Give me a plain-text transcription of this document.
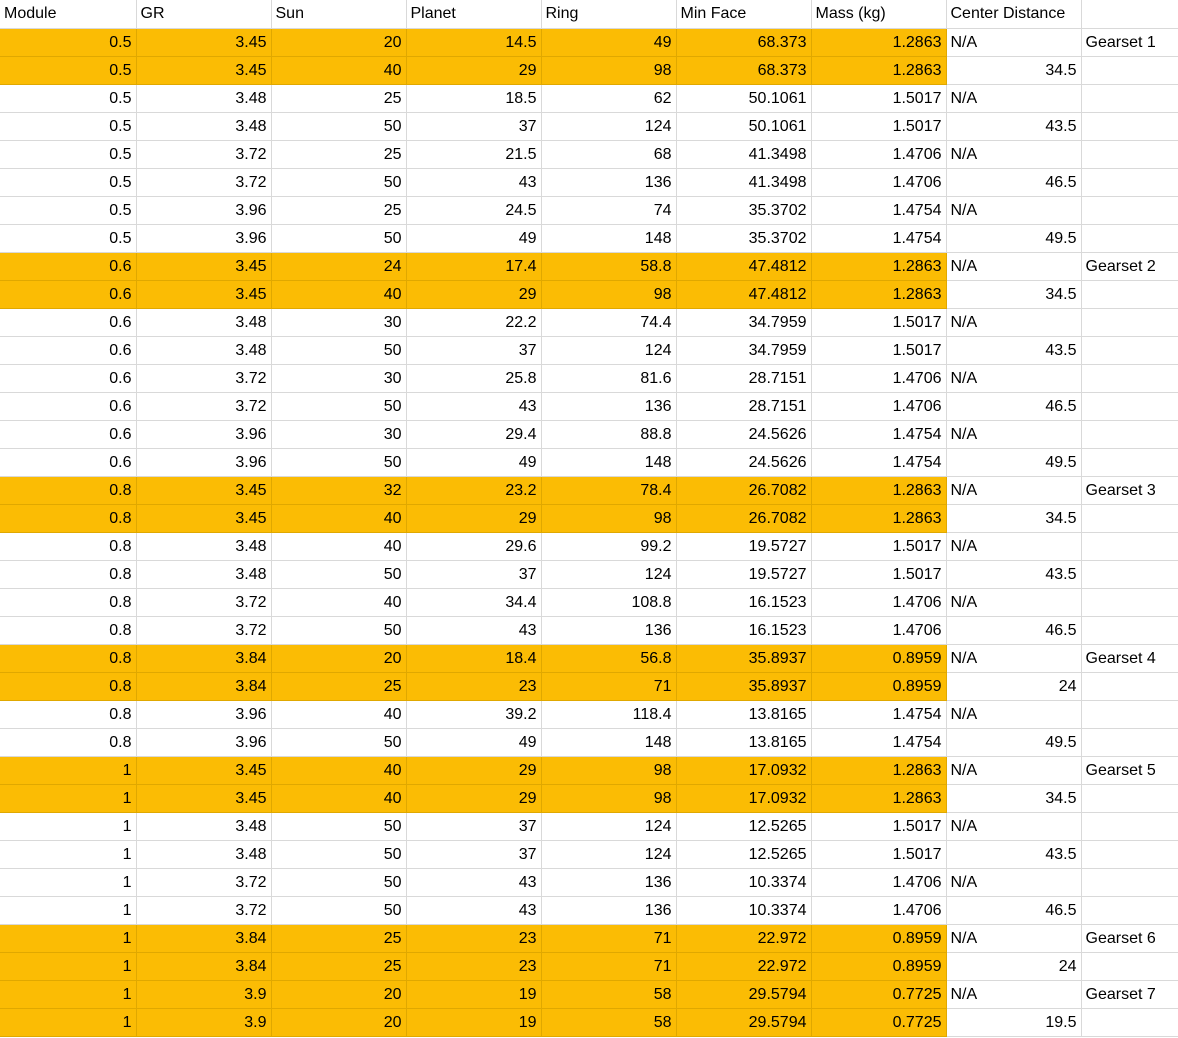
Module	GR	Sun	Planet	Ring	Min Face	Mass (kg)	Center Distance	
0.5	3.45	20	14.5	49	68.373	1.2863	N/A	Gearset 1
0.5	3.45	40	29	98	68.373	1.2863	34.5	
0.5	3.48	25	18.5	62	50.1061	1.5017	N/A	
0.5	3.48	50	37	124	50.1061	1.5017	43.5	
0.5	3.72	25	21.5	68	41.3498	1.4706	N/A	
0.5	3.72	50	43	136	41.3498	1.4706	46.5	
0.5	3.96	25	24.5	74	35.3702	1.4754	N/A	
0.5	3.96	50	49	148	35.3702	1.4754	49.5	
0.6	3.45	24	17.4	58.8	47.4812	1.2863	N/A	Gearset 2
0.6	3.45	40	29	98	47.4812	1.2863	34.5	
0.6	3.48	30	22.2	74.4	34.7959	1.5017	N/A	
0.6	3.48	50	37	124	34.7959	1.5017	43.5	
0.6	3.72	30	25.8	81.6	28.7151	1.4706	N/A	
0.6	3.72	50	43	136	28.7151	1.4706	46.5	
0.6	3.96	30	29.4	88.8	24.5626	1.4754	N/A	
0.6	3.96	50	49	148	24.5626	1.4754	49.5	
0.8	3.45	32	23.2	78.4	26.7082	1.2863	N/A	Gearset 3
0.8	3.45	40	29	98	26.7082	1.2863	34.5	
0.8	3.48	40	29.6	99.2	19.5727	1.5017	N/A	
0.8	3.48	50	37	124	19.5727	1.5017	43.5	
0.8	3.72	40	34.4	108.8	16.1523	1.4706	N/A	
0.8	3.72	50	43	136	16.1523	1.4706	46.5	
0.8	3.84	20	18.4	56.8	35.8937	0.8959	N/A	Gearset 4
0.8	3.84	25	23	71	35.8937	0.8959	24	
0.8	3.96	40	39.2	118.4	13.8165	1.4754	N/A	
0.8	3.96	50	49	148	13.8165	1.4754	49.5	
1	3.45	40	29	98	17.0932	1.2863	N/A	Gearset 5
1	3.45	40	29	98	17.0932	1.2863	34.5	
1	3.48	50	37	124	12.5265	1.5017	N/A	
1	3.48	50	37	124	12.5265	1.5017	43.5	
1	3.72	50	43	136	10.3374	1.4706	N/A	
1	3.72	50	43	136	10.3374	1.4706	46.5	
1	3.84	25	23	71	22.972	0.8959	N/A	Gearset 6
1	3.84	25	23	71	22.972	0.8959	24	
1	3.9	20	19	58	29.5794	0.7725	N/A	Gearset 7
1	3.9	20	19	58	29.5794	0.7725	19.5	
